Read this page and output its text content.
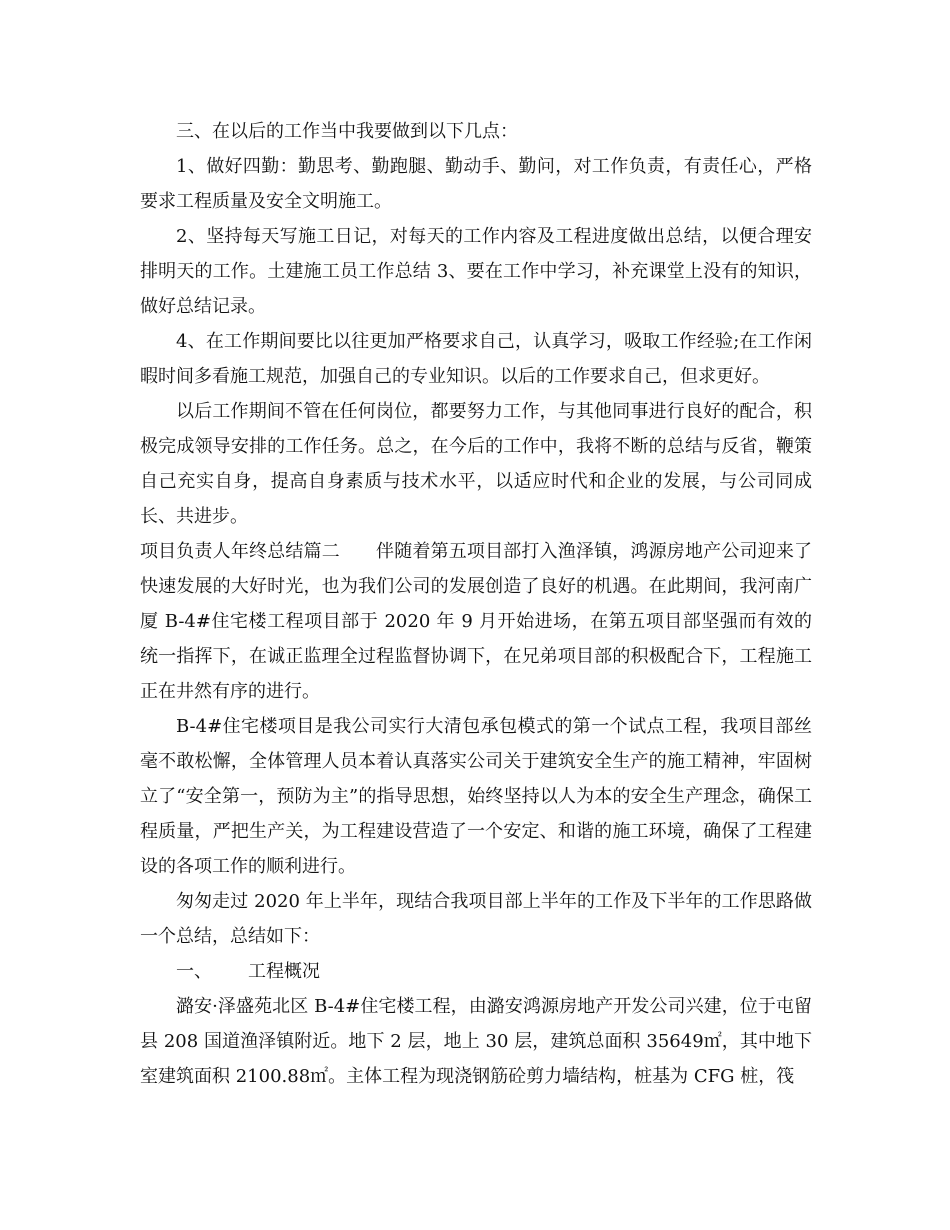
三、在以后的工作当中我要做到以下几点：

1、做好四勤：勤思考、勤跑腿、勤动手、勤问，对工作负责，有责任心，严格要求工程质量及安全文明施工。

2、坚持每天写施工日记，对每天的工作内容及工程进度做出总结，以便合理安排明天的工作。土建施工员工作总结 3、要在工作中学习，补充课堂上没有的知识，做好总结记录。

4、在工作期间要比以往更加严格要求自己，认真学习，吸取工作经验;在工作闲暇时间多看施工规范，加强自己的专业知识。以后的工作要求自己，但求更好。

以后工作期间不管在任何岗位，都要努力工作，与其他同事进行良好的配合，积极完成领导安排的工作任务。总之，在今后的工作中，我将不断的总结与反省，鞭策自己充实自身，提高自身素质与技术水平，以适应时代和企业的发展，与公司同成长、共进步。

项目负责人年终总结篇二 伴随着第五项目部打入渔泽镇，鸿源房地产公司迎来了快速发展的大好时光，也为我们公司的发展创造了良好的机遇。在此期间，我河南广厦 B-4#住宅楼工程项目部于 2020 年 9 月开始进场，在第五项目部坚强而有效的统一指挥下，在诚正监理全过程监督协调下，在兄弟项目部的积极配合下，工程施工正在井然有序的进行。

B-4#住宅楼项目是我公司实行大清包承包模式的第一个试点工程，我项目部丝毫不敢松懈，全体管理人员本着认真落实公司关于建筑安全生产的施工精神，牢固树立了“安全第一，预防为主”的指导思想，始终坚持以人为本的安全生产理念，确保工程质量，严把生产关，为工程建设营造了一个安定、和谐的施工环境，确保了工程建设的各项工作的顺利进行。

匆匆走过 2020 年上半年，现结合我项目部上半年的工作及下半年的工作思路做一个总结，总结如下：

一、 工程概况

潞安·泽盛苑北区 B-4#住宅楼工程，由潞安鸿源房地产开发公司兴建，位于屯留县 208 国道渔泽镇附近。地下 2 层，地上 30 层，建筑总面积 35649㎡，其中地下室建筑面积 2100.88㎡。主体工程为现浇钢筋砼剪力墙结构，桩基为 CFG 桩，筏
